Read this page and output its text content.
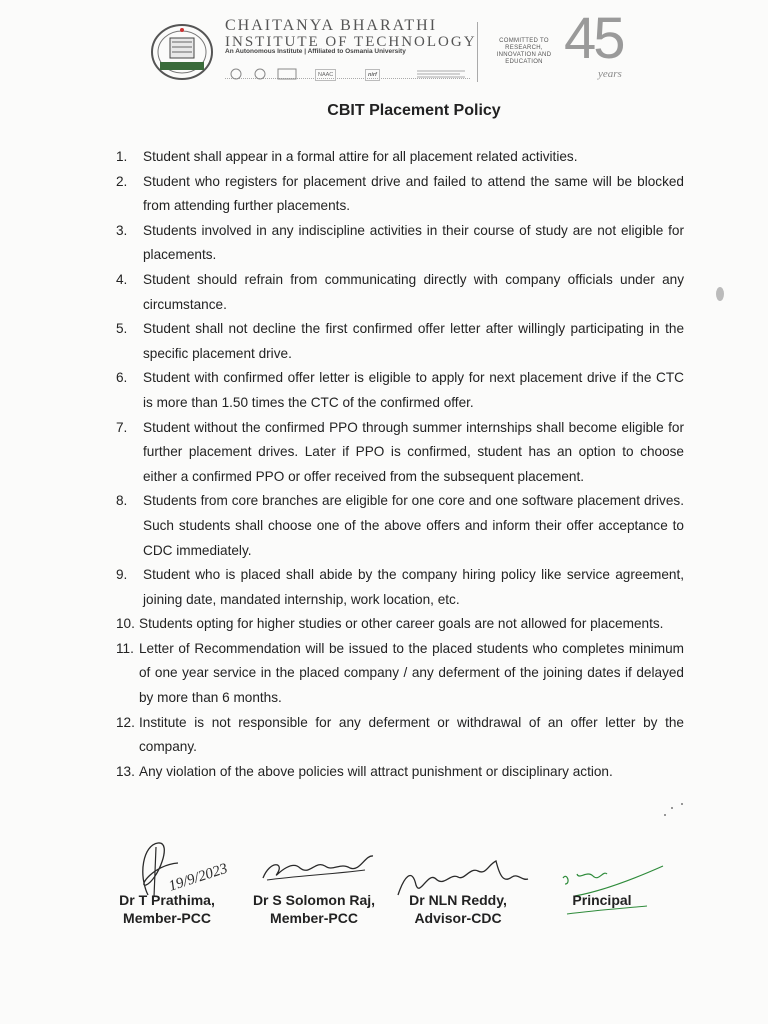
CHAITANYA BHARATHI
INSTITUTE OF TECHNOLOGY
An Autonomous Institute | Affiliated to Osmania University
NAAC	nirf
COMMITTED TO RESEARCH, INNOVATION AND EDUCATION 45
years
CBIT Placement Policy
1.	Student shall appear in a formal attire for all placement related activities.
2.	Student who registers for placement drive and failed to attend the same will be blocked from attending further placements.
3.	Students involved in any indiscipline activities in their course of study are not eligible for placements.
4.	Student should refrain from communicating directly with company officials under any circumstance.
5.	Student shall not decline the first confirmed offer letter after willingly participating in the specific placement drive.
6.	Student with confirmed offer letter is eligible to apply for next placement drive if the CTC is more than 1.50 times the CTC of the confirmed offer.
7.	Student without the confirmed PPO through summer internships shall become eligible for further placement drives. Later if PPO is confirmed, student has an option to choose either a confirmed PPO or offer received from the subsequent placement.
8.	Students from core branches are eligible for one core and one software placement drives. Such students shall choose one of the above offers and inform their offer acceptance to CDC immediately.
9.	Student who is placed shall abide by the company hiring policy like service agreement, joining date, mandated internship, work location, etc.
10. Students opting for higher studies or other career goals are not allowed for placements.
11. Letter of Recommendation will be issued to the placed students who completes minimum of one year service in the placed company / any deferment of the joining dates if delayed by more than 6 months.
12. Institute is not responsible for any deferment or withdrawal of an offer letter by the company.
13. Any violation of the above policies will attract punishment or disciplinary action.
19/9/2023
Dr T Prathima,
Member-PCC
Dr S Solomon Raj,
Member-PCC
Dr NLN Reddy,
Advisor-CDC
Principal
